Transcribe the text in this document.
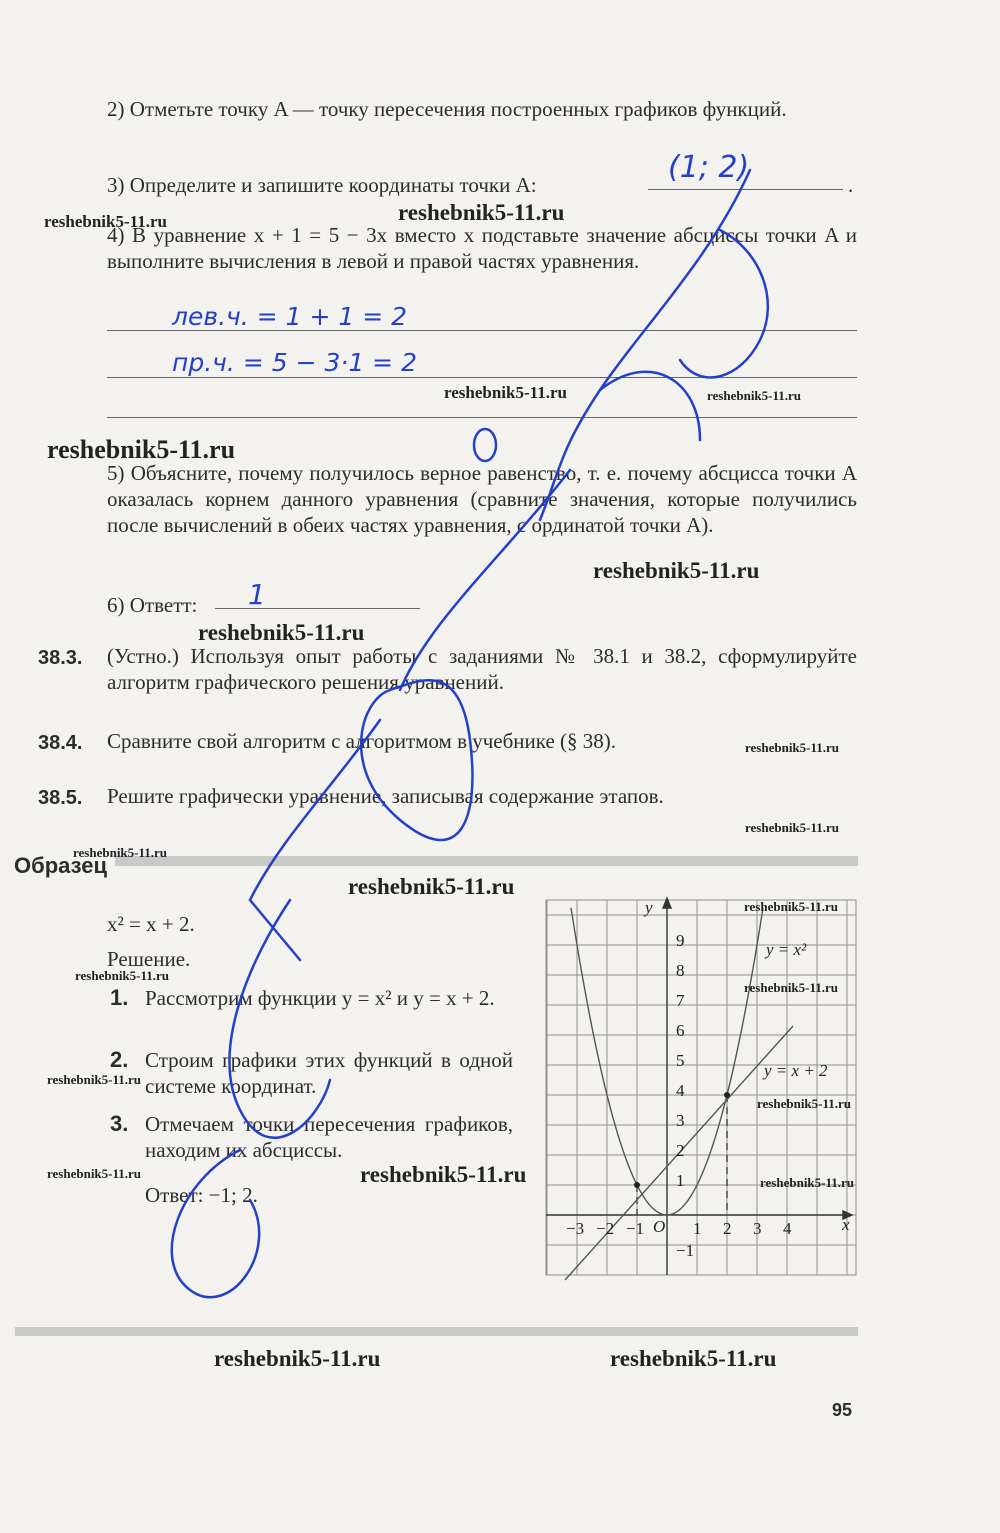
2) Отметьте точку A — точку пересечения построенных графиков функций.

3) Определите и запишите координаты точки A:	.
(1; 2)

4) В уравнение x + 1 = 5 − 3x вместо x подставьте значение абсциссы точки A и выполните вычисления в левой и правой частях уравнения.

лев.ч. = 1 + 1 = 2
пр.ч. = 5 − 3·1 = 2

5) Объясните, почему получилось верное равенство, т. е. почему абсцисса точки A оказалась корнем данного уравнения (сравните значения, которые получились после вычислений в обеих частях уравнения, с ординатой точки A).

6) Ответт: 1
38.3. (Устно.) Используя опыт работы с заданиями № 38.1 и 38.2, сформулируйте алгоритм графического решения уравнений.

38.4. Сравните свой алгоритм с алгоритмом в учебнике (§ 38).

38.5. Решите графически уравнение, записывая содержание этапов.

Образец

x² = x + 2.

Решение.

1. Рассмотрим функции y = x² и y = x + 2.

2. Строим графики этих функций в одной системе координат.

3. Отмечаем точки пересечения графиков, находим их абсциссы.

Ответ: −1; 2.

y
x
O
−3 −2 −1	1 2 3 4
9
8
7
6
5
4
3
2
1
−1
y = x²
y = x + 2
reshebnik5-11.ru	reshebnik5-11.ru
reshebnik5-11.ru	reshebnik5-11.ru
reshebnik5-11.ru
reshebnik5-11.ru
reshebnik5-11.ru
reshebnik5-11.ru
reshebnik5-11.ru
reshebnik5-11.ru
reshebnik5-11.ru
reshebnik5-11.ru
reshebnik5-11.ru
reshebnik5-11.ru
reshebnik5-11.ru
reshebnik5-11.ru
reshebnik5-11.ru	reshebnik5-11.ru	reshebnik5-11.ru
reshebnik5-11.ru	reshebnik5-11.ru
95
